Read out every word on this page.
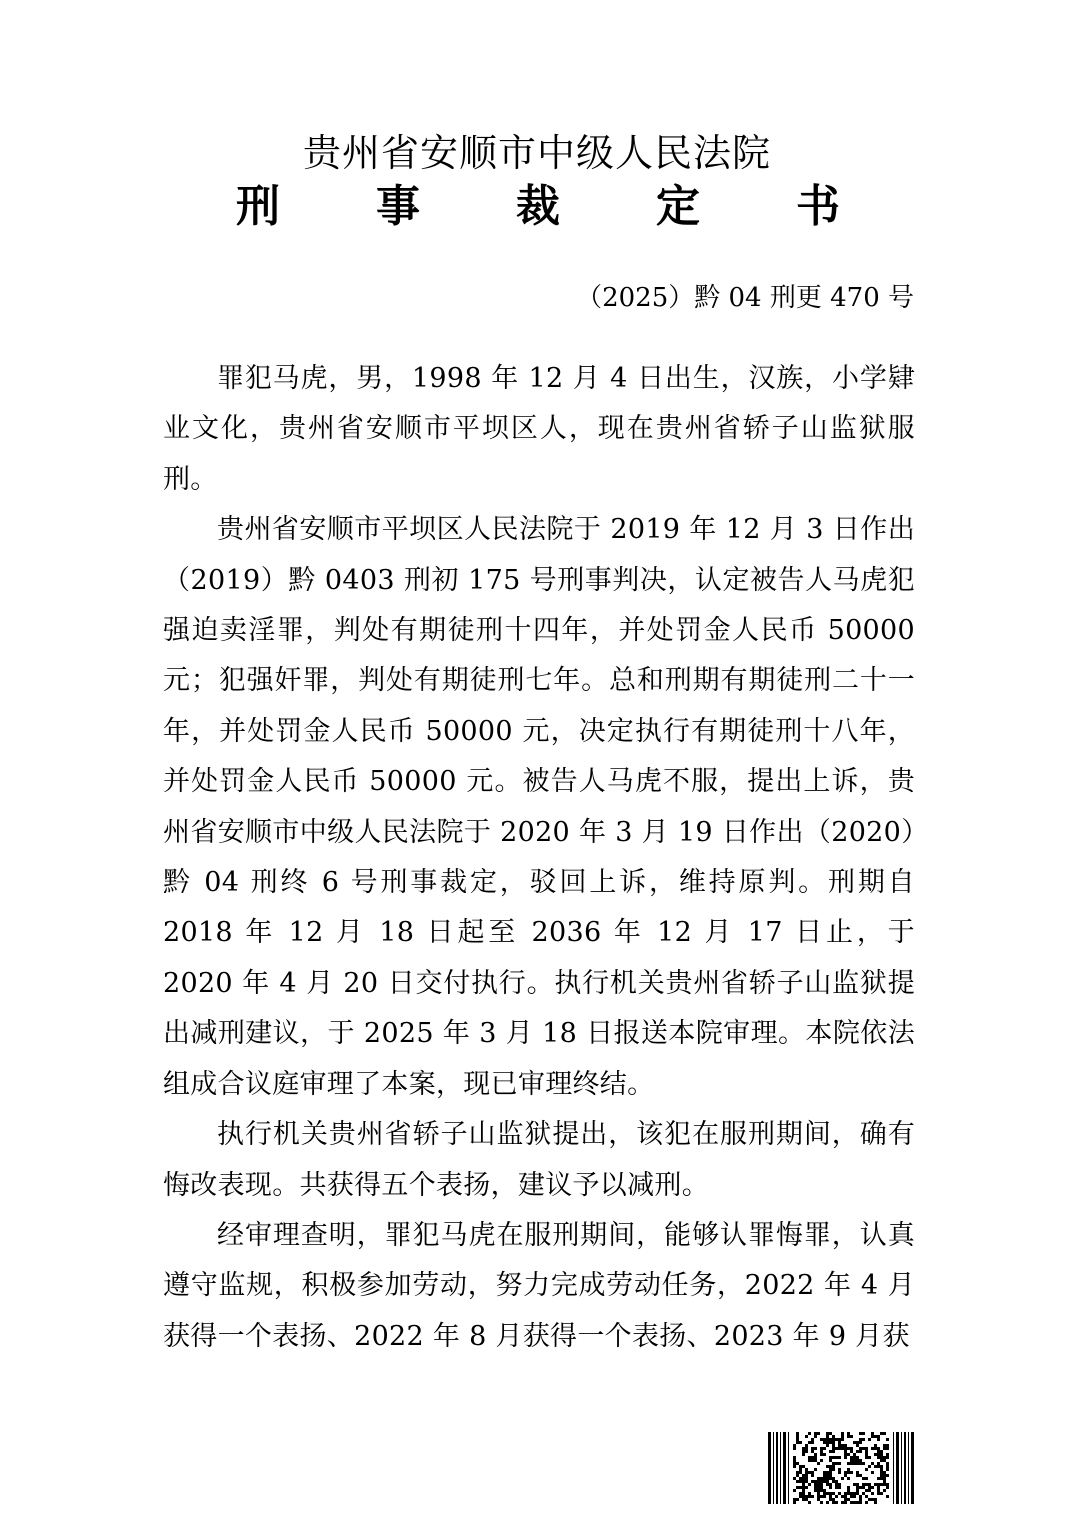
贵州省安顺市中级人民法院
刑 事 裁 定 书
（2025）黔 04 刑更 470 号

罪犯马虎，男，1998 年 12 月 4 日出生，汉族，小学肄业文化，贵州省安顺市平坝区人，现在贵州省轿子山监狱服刑。

贵州省安顺市平坝区人民法院于 2019 年 12 月 3 日作出（2019）黔 0403 刑初 175 号刑事判决，认定被告人马虎犯强迫卖淫罪，判处有期徒刑十四年，并处罚金人民币 50000 元；犯强奸罪，判处有期徒刑七年。总和刑期有期徒刑二十一年，并处罚金人民币 50000 元，决定执行有期徒刑十八年，并处罚金人民币 50000 元。被告人马虎不服，提出上诉，贵州省安顺市中级人民法院于 2020 年 3 月 19 日作出（2020）黔 04 刑终 6 号刑事裁定，驳回上诉，维持原判。刑期自 2018 年 12 月 18 日起至 2036 年 12 月 17 日止，于 2020 年 4 月 20 日交付执行。执行机关贵州省轿子山监狱提出减刑建议，于 2025 年 3 月 18 日报送本院审理。本院依法组成合议庭审理了本案，现已审理终结。

执行机关贵州省轿子山监狱提出，该犯在服刑期间，确有悔改表现。共获得五个表扬，建议予以减刑。

经审理查明，罪犯马虎在服刑期间，能够认罪悔罪，认真遵守监规，积极参加劳动，努力完成劳动任务，2022 年 4 月获得一个表扬、2022 年 8 月获得一个表扬、2023 年 9 月获
